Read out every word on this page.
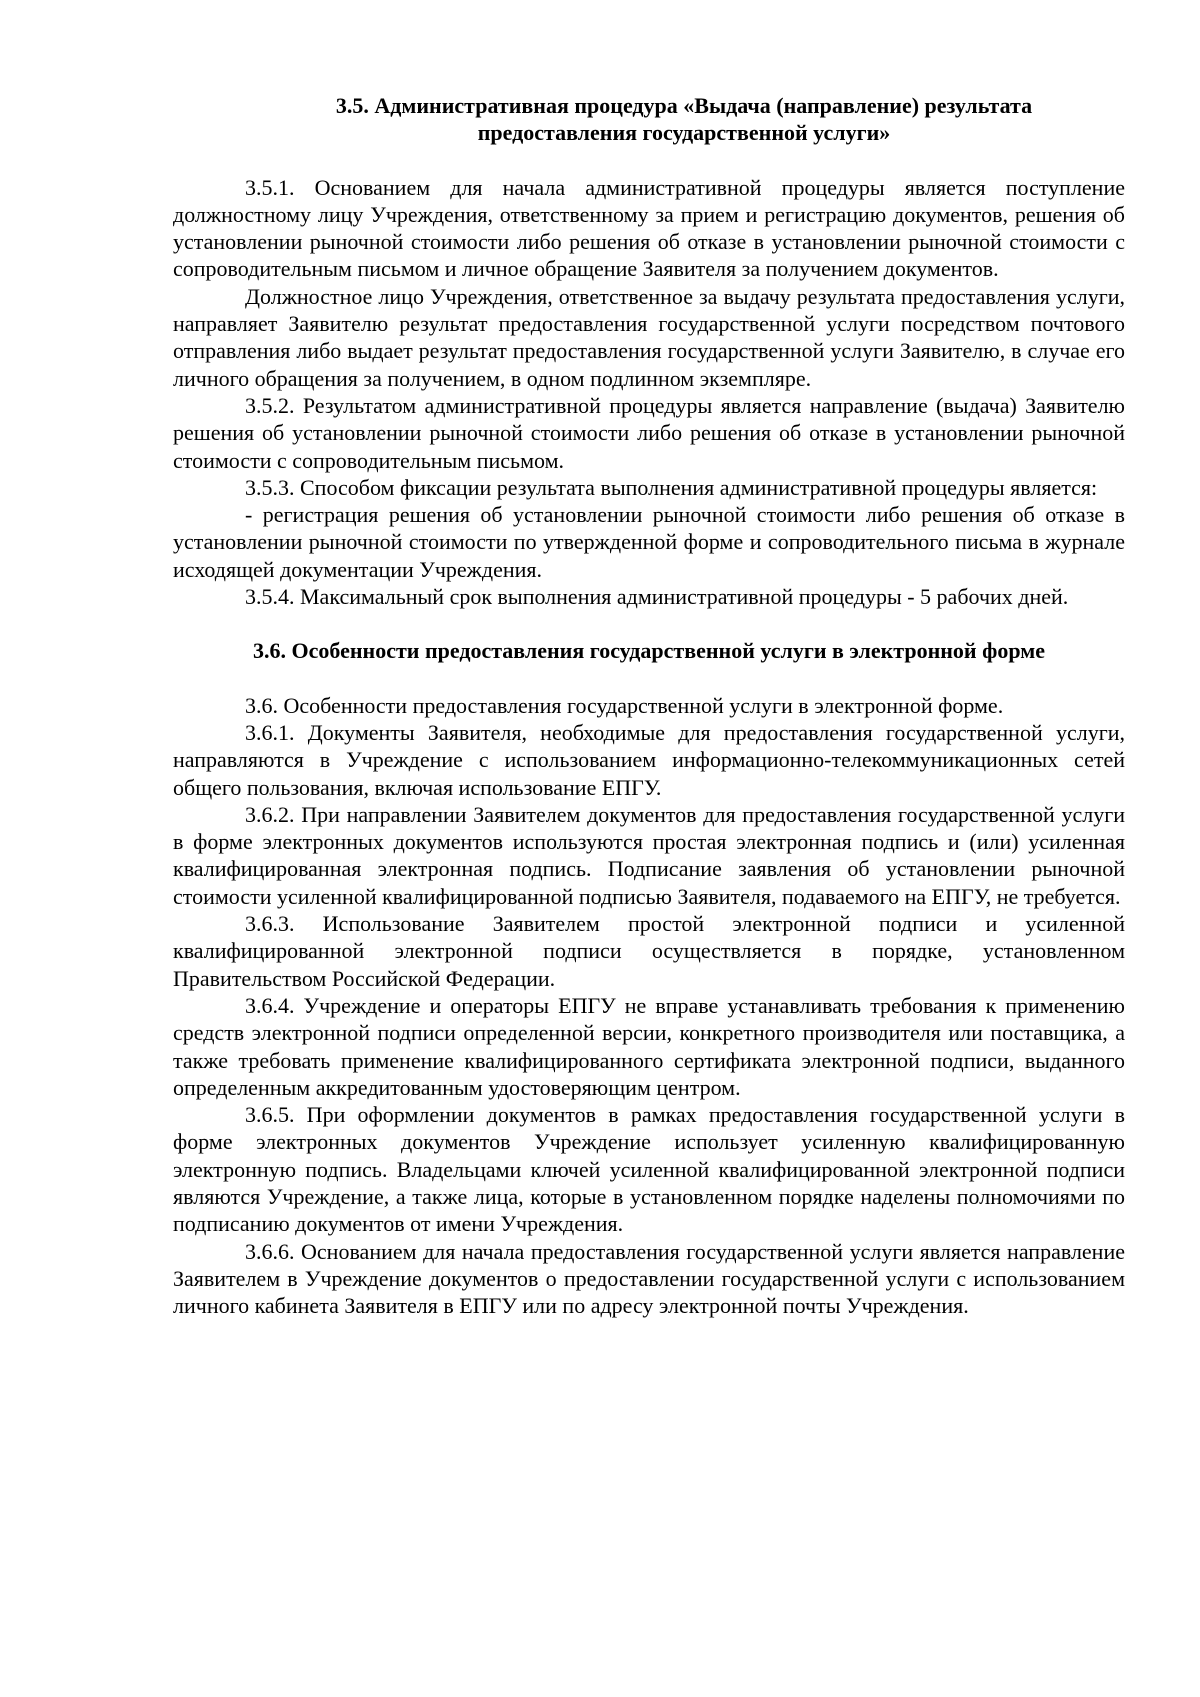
3.5. Административная процедура «Выдача (направление) результата предоставления государственной услуги»

3.5.1. Основанием для начала административной процедуры является поступление должностному лицу Учреждения, ответственному за прием и регистрацию документов, решения об установлении рыночной стоимости либо решения об отказе в установлении рыночной стоимости с сопроводительным письмом и личное обращение Заявителя за получением документов.

Должностное лицо Учреждения, ответственное за выдачу результата предоставления услуги, направляет Заявителю результат предоставления государственной услуги посредством почтового отправления либо выдает результат предоставления государственной услуги Заявителю, в случае его личного обращения за получением, в одном подлинном экземпляре.

3.5.2. Результатом административной процедуры является направление (выдача) Заявителю решения об установлении рыночной стоимости либо решения об отказе в установлении рыночной стоимости с сопроводительным письмом.

3.5.3. Способом фиксации результата выполнения административной процедуры является:

- регистрация решения об установлении рыночной стоимости либо решения об отказе в установлении рыночной стоимости по утвержденной форме и сопроводительного письма в журнале исходящей документации Учреждения.

3.5.4. Максимальный срок выполнения административной процедуры - 5 рабочих дней.

3.6. Особенности предоставления государственной услуги в электронной форме

3.6. Особенности предоставления государственной услуги в электронной форме.

3.6.1. Документы Заявителя, необходимые для предоставления государственной услуги, направляются в Учреждение с использованием информационно-телекоммуникационных сетей общего пользования, включая использование ЕПГУ.

3.6.2. При направлении Заявителем документов для предоставления государственной услуги в форме электронных документов используются простая электронная подпись и (или) усиленная квалифицированная электронная подпись. Подписание заявления об установлении рыночной стоимости усиленной квалифицированной подписью Заявителя, подаваемого на ЕПГУ, не требуется.

3.6.3. Использование Заявителем простой электронной подписи и усиленной квалифицированной электронной подписи осуществляется в порядке, установленном Правительством Российской Федерации.

3.6.4. Учреждение и операторы ЕПГУ не вправе устанавливать требования к применению средств электронной подписи определенной версии, конкретного производителя или поставщика, а также требовать применение квалифицированного сертификата электронной подписи, выданного определенным аккредитованным удостоверяющим центром.

3.6.5. При оформлении документов в рамках предоставления государственной услуги в форме электронных документов Учреждение использует усиленную квалифицированную электронную подпись. Владельцами ключей усиленной квалифицированной электронной подписи являются Учреждение, а также лица, которые в установленном порядке наделены полномочиями по подписанию документов от имени Учреждения.

3.6.6. Основанием для начала предоставления государственной услуги является направление Заявителем в Учреждение документов о предоставлении государственной услуги с использованием личного кабинета Заявителя в ЕПГУ или по адресу электронной почты Учреждения.
